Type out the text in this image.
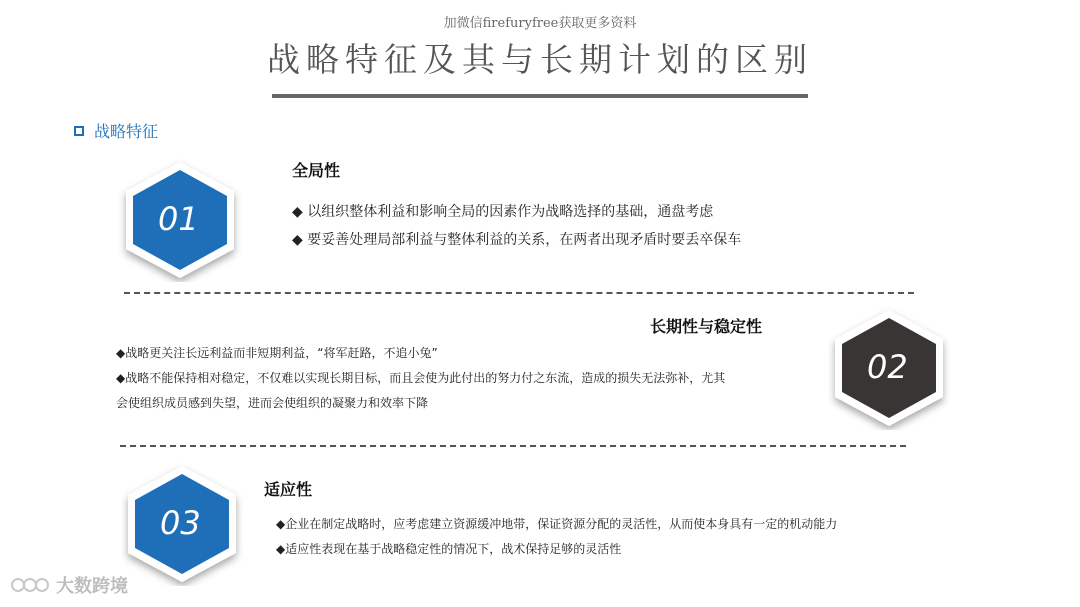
加微信firefuryfree获取更多资料
战略特征及其与长期计划的区别
战略特征
01
全局性
◆ 以组织整体利益和影响全局的因素作为战略选择的基础，通盘考虑
◆ 要妥善处理局部利益与整体利益的关系，在两者出现矛盾时要丢卒保车
长期性与稳定性
◆战略更关注长远利益而非短期利益，“将军赶路，不追小兔”
◆战略不能保持相对稳定，不仅难以实现长期目标，而且会使为此付出的努力付之东流，造成的损失无法弥补，尤其
会使组织成员感到失望，进而会使组织的凝聚力和效率下降
02
03
适应性
◆企业在制定战略时，应考虑建立资源缓冲地带，保证资源分配的灵活性，从而使本身具有一定的机动能力
◆适应性表现在基于战略稳定性的情况下，战术保持足够的灵活性
大数跨境
